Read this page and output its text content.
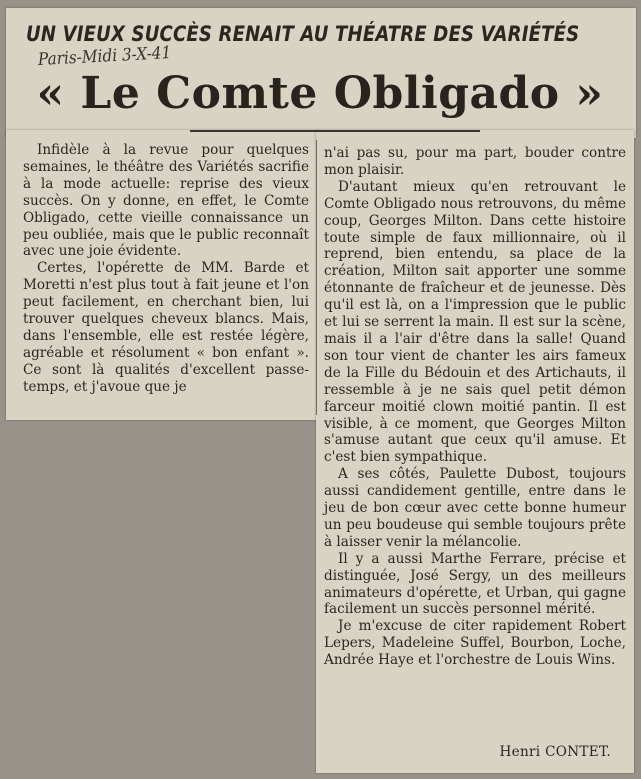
UN VIEUX SUCCÈS RENAIT AU THÉATRE DES VARIÉTÉS
Paris-Midi 3-X-41
« Le Comte Obligado »

Infidèle à la revue pour quelques semaines, le théâtre des Variétés sacrifie à la mode actuelle: reprise des vieux succès. On y donne, en effet, le Comte Obligado, cette vieille connaissance un peu oubliée, mais que le public reconnaît avec une joie évidente.

Certes, l'opérette de MM. Barde et Moretti n'est plus tout à fait jeune et l'on peut facilement, en cherchant bien, lui trouver quelques cheveux blancs. Mais, dans l'ensemble, elle est restée légère, agréable et résolument « bon enfant ». Ce sont là qualités d'excellent passe-temps, et j'avoue que je

n'ai pas su, pour ma part, bouder contre mon plaisir.

D'autant mieux qu'en retrouvant le Comte Obligado nous retrouvons, du même coup, Georges Milton. Dans cette histoire toute simple de faux millionnaire, où il reprend, bien entendu, sa place de la création, Milton sait apporter une somme étonnante de fraîcheur et de jeunesse. Dès qu'il est là, on a l'impression que le public et lui se serrent la main. Il est sur la scène, mais il a l'air d'être dans la salle! Quand son tour vient de chanter les airs fameux de la Fille du Bédouin et des Artichauts, il ressemble à je ne sais quel petit démon farceur moitié clown moitié pantin. Il est visible, à ce moment, que Georges Milton s'amuse autant que ceux qu'il amuse. Et c'est bien sympathique.

A ses côtés, Paulette Dubost, toujours aussi candidement gentille, entre dans le jeu de bon cœur avec cette bonne humeur un peu boudeuse qui semble toujours prête à laisser venir la mélancolie.

Il y a aussi Marthe Ferrare, précise et distinguée, José Sergy, un des meilleurs animateurs d'opérette, et Urban, qui gagne facilement un succès personnel mérité.

Je m'excuse de citer rapidement Robert Lepers, Madeleine Suffel, Bourbon, Loche, Andrée Haye et l'orchestre de Louis Wins.

Henri CONTET.
